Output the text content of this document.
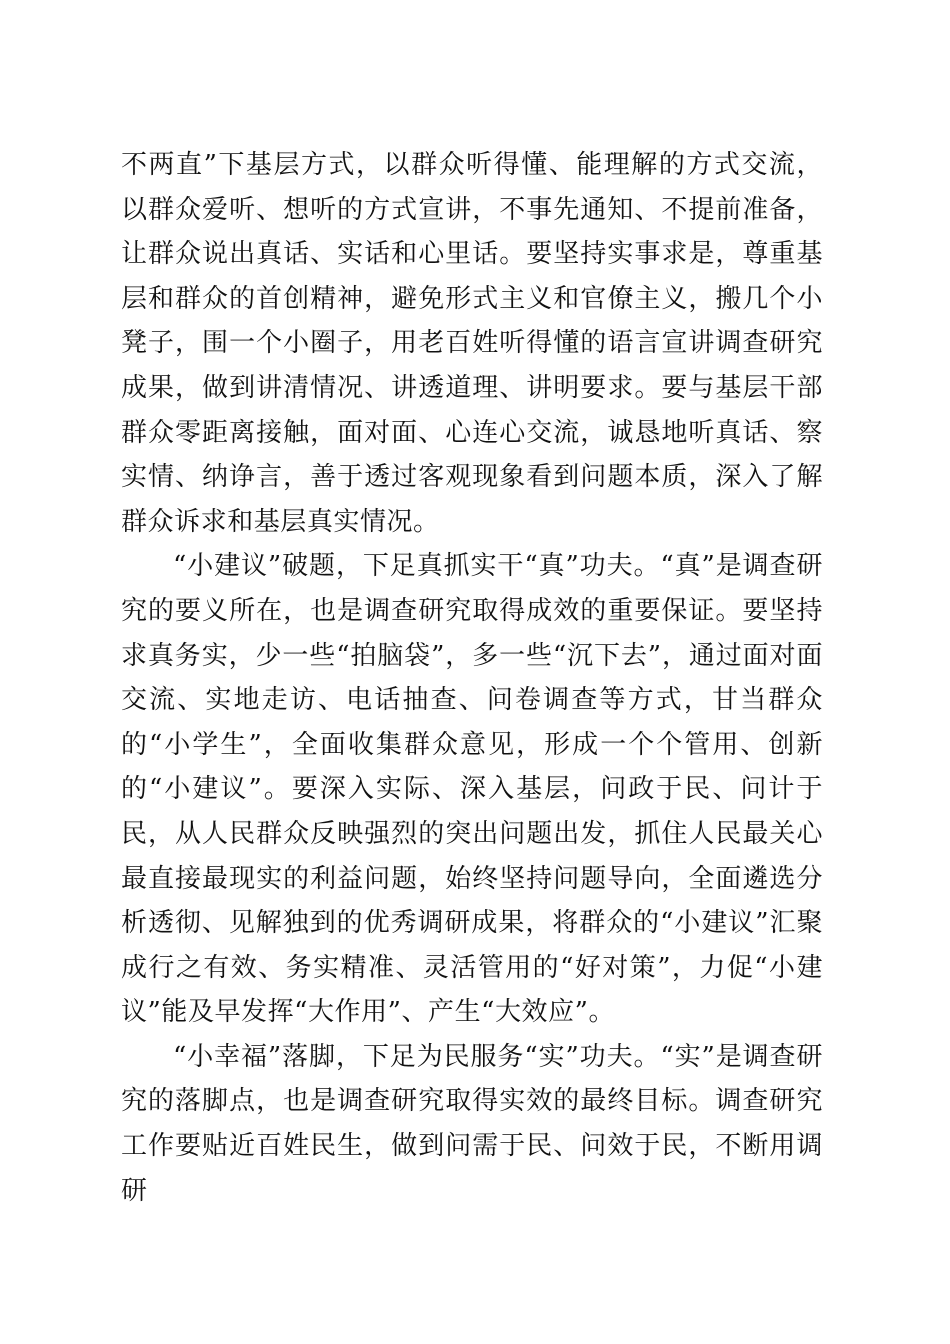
不两直”下基层方式，以群众听得懂、能理解的方式交流，以群众爱听、想听的方式宣讲，不事先通知、不提前准备，让群众说出真话、实话和心里话。要坚持实事求是，尊重基层和群众的首创精神，避免形式主义和官僚主义，搬几个小凳子，围一个小圈子，用老百姓听得懂的语言宣讲调查研究成果，做到讲清情况、讲透道理、讲明要求。要与基层干部群众零距离接触，面对面、心连心交流，诚恳地听真话、察实情、纳诤言，善于透过客观现象看到问题本质，深入了解群众诉求和基层真实情况。

“小建议”破题，下足真抓实干“真”功夫。“真”是调查研究的要义所在，也是调查研究取得成效的重要保证。要坚持求真务实，少一些“拍脑袋”，多一些“沉下去”，通过面对面交流、实地走访、电话抽查、问卷调查等方式，甘当群众的“小学生”，全面收集群众意见，形成一个个管用、创新的“小建议”。要深入实际、深入基层，问政于民、问计于民，从人民群众反映强烈的突出问题出发，抓住人民最关心最直接最现实的利益问题，始终坚持问题导向，全面遴选分析透彻、见解独到的优秀调研成果，将群众的“小建议”汇聚成行之有效、务实精准、灵活管用的“好对策”，力促“小建议”能及早发挥“大作用”、产生“大效应”。

“小幸福”落脚，下足为民服务“实”功夫。“实”是调查研究的落脚点，也是调查研究取得实效的最终目标。调查研究工作要贴近百姓民生，做到问需于民、问效于民，不断用调研
